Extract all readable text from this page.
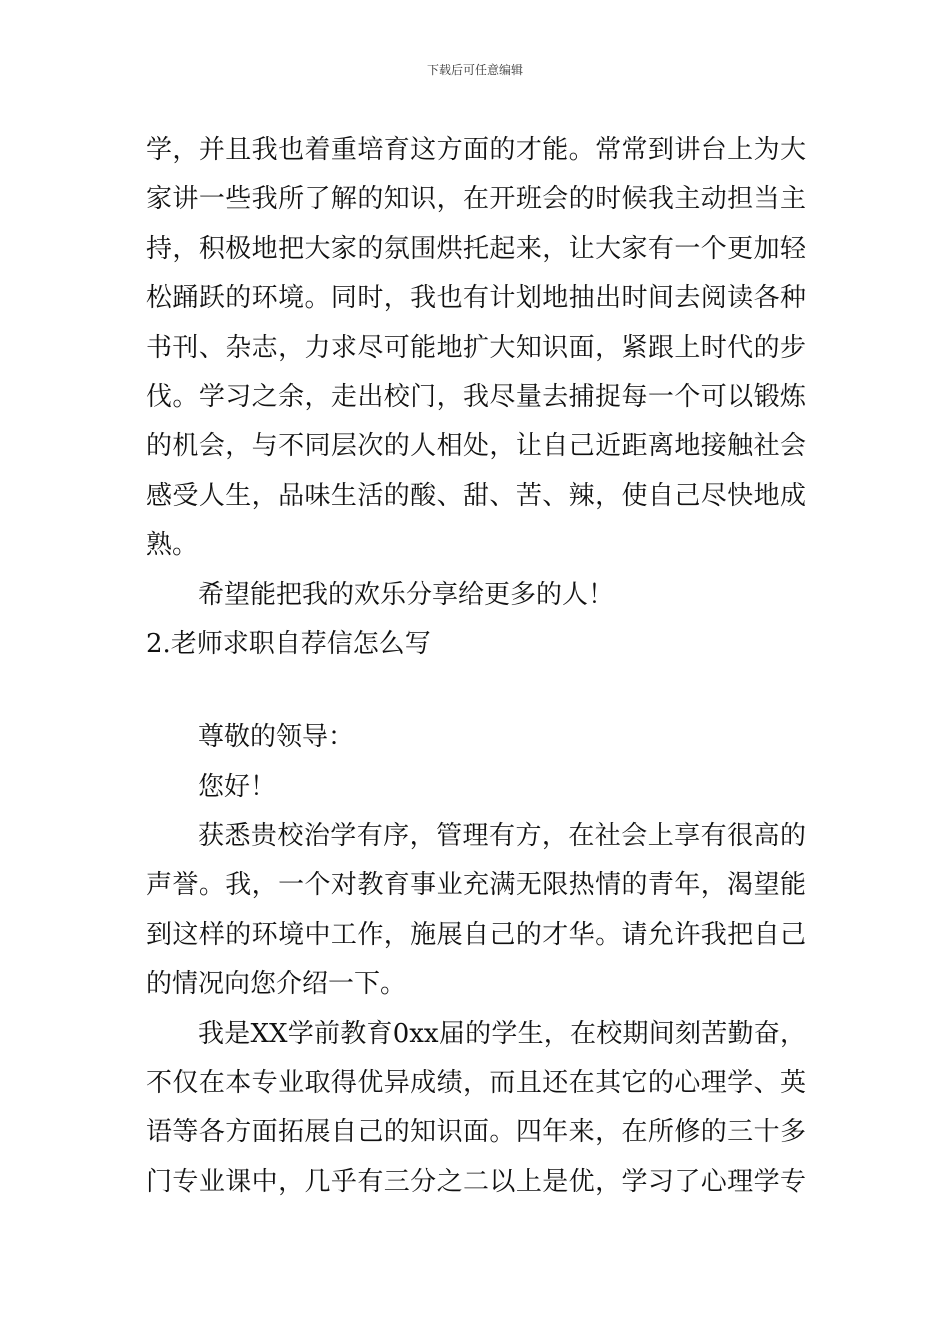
下载后可任意编辑
学，并且我也着重培育这方面的才能。常常到讲台上为大
家讲一些我所了解的知识，在开班会的时候我主动担当主
持，积极地把大家的氛围烘托起来，让大家有一个更加轻
松踊跃的环境。同时，我也有计划地抽出时间去阅读各种
书刊、杂志，力求尽可能地扩大知识面，紧跟上时代的步
伐。学习之余，走出校门，我尽量去捕捉每一个可以锻炼
的机会，与不同层次的人相处，让自己近距离地接触社会
感受人生，品味生活的酸、甜、苦、辣，使自己尽快地成
熟。
希望能把我的欢乐分享给更多的人！
2.老师求职自荐信怎么写
尊敬的领导：
您好！
获悉贵校治学有序，管理有方，在社会上享有很高的
声誉。我，一个对教育事业充满无限热情的青年，渴望能
到这样的环境中工作，施展自己的才华。请允许我把自己
的情况向您介绍一下。
我是XX学前教育0xx届的学生，在校期间刻苦勤奋，
不仅在本专业取得优异成绩，而且还在其它的心理学、英
语等各方面拓展自己的知识面。四年来，在所修的三十多
门专业课中，几乎有三分之二以上是优，学习了心理学专
